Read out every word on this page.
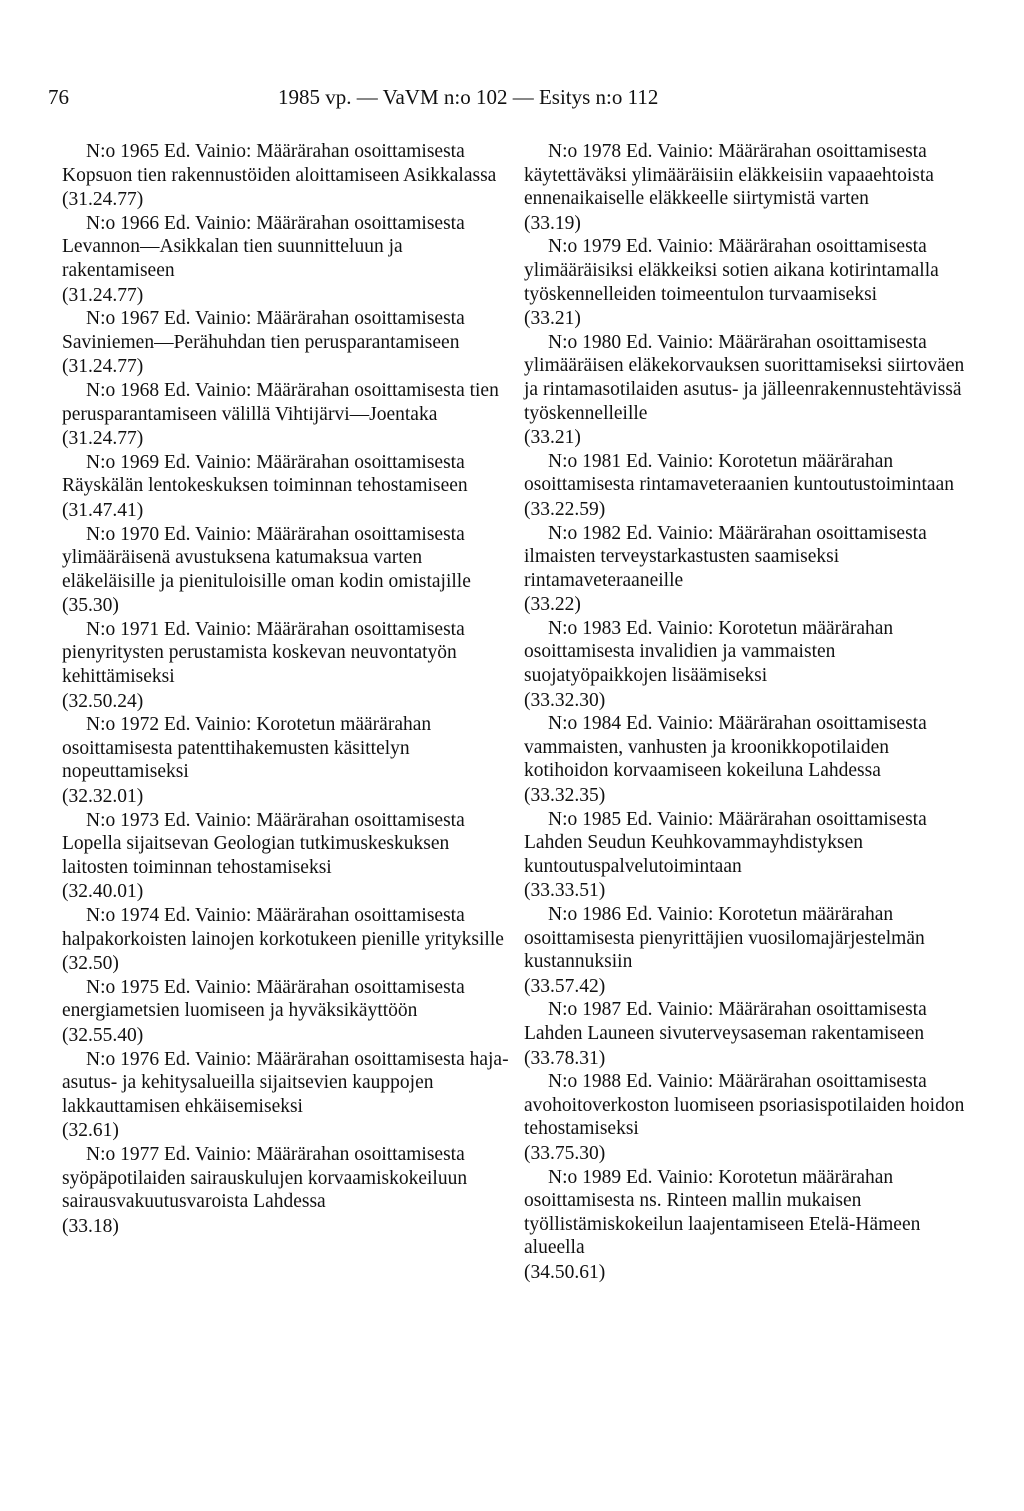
76	1985 vp. — VaVM n:o 102 — Esitys n:o 112
N:o 1965 Ed. Vainio: Määrärahan osoittamisesta Kopsuon tien rakennustöiden aloittamiseen Asikkalassa
(31.24.77)
N:o 1966 Ed. Vainio: Määrärahan osoittamisesta Levannon—Asikkalan tien suunnitteluun ja rakentamiseen
(31.24.77)
N:o 1967 Ed. Vainio: Määrärahan osoittamisesta Saviniemen—Perähuhdan tien perusparantamiseen
(31.24.77)
N:o 1968 Ed. Vainio: Määrärahan osoittamisesta tien perusparantamiseen välillä Vihtijärvi—Joentaka
(31.24.77)
N:o 1969 Ed. Vainio: Määrärahan osoittamisesta Räyskälän lentokeskuksen toiminnan tehostamiseen
(31.47.41)
N:o 1970 Ed. Vainio: Määrärahan osoittamisesta ylimääräisenä avustuksena katumaksua varten eläkeläisille ja pienituloisille oman kodin omistajille
(35.30)
N:o 1971 Ed. Vainio: Määrärahan osoittamisesta pienyritysten perustamista koskevan neuvontatyön kehittämiseksi
(32.50.24)
N:o 1972 Ed. Vainio: Korotetun määrärahan osoittamisesta patenttihakemusten käsittelyn nopeuttamiseksi
(32.32.01)
N:o 1973 Ed. Vainio: Määrärahan osoittamisesta Lopella sijaitsevan Geologian tutkimuskeskuksen laitosten toiminnan tehostamiseksi
(32.40.01)
N:o 1974 Ed. Vainio: Määrärahan osoittamisesta halpakorkoisten lainojen korkotukeen pienille yrityksille
(32.50)
N:o 1975 Ed. Vainio: Määrärahan osoittamisesta energiametsien luomiseen ja hyväksikäyttöön
(32.55.40)
N:o 1976 Ed. Vainio: Määrärahan osoittamisesta haja-asutus- ja kehitysalueilla sijaitsevien kauppojen lakkauttamisen ehkäisemiseksi
(32.61)
N:o 1977 Ed. Vainio: Määrärahan osoittamisesta syöpäpotilaiden sairauskulujen korvaamiskokeiluun sairausvakuutusvaroista Lahdessa
(33.18)
N:o 1978 Ed. Vainio: Määrärahan osoittamisesta käytettäväksi ylimääräisiin eläkkeisiin vapaaehtoista ennenaikaiselle eläkkeelle siirtymistä varten
(33.19)
N:o 1979 Ed. Vainio: Määrärahan osoittamisesta ylimääräisiksi eläkkeiksi sotien aikana kotirintamalla työskennelleiden toimeentulon turvaamiseksi
(33.21)
N:o 1980 Ed. Vainio: Määrärahan osoittamisesta ylimääräisen eläkekorvauksen suorittamiseksi siirtoväen ja rintamasotilaiden asutus- ja jälleenrakennustehtävissä työskennelleille
(33.21)
N:o 1981 Ed. Vainio: Korotetun määrärahan osoittamisesta rintamaveteraanien kuntoutustoimintaan
(33.22.59)
N:o 1982 Ed. Vainio: Määrärahan osoittamisesta ilmaisten terveystarkastusten saamiseksi rintamaveteraaneille
(33.22)
N:o 1983 Ed. Vainio: Korotetun määrärahan osoittamisesta invalidien ja vammaisten suojatyöpaikkojen lisäämiseksi
(33.32.30)
N:o 1984 Ed. Vainio: Määrärahan osoittamisesta vammaisten, vanhusten ja kroonikkopotilaiden kotihoidon korvaamiseen kokeiluna Lahdessa
(33.32.35)
N:o 1985 Ed. Vainio: Määrärahan osoittamisesta Lahden Seudun Keuhkovammayhdistyksen kuntoutuspalvelutoimintaan
(33.33.51)
N:o 1986 Ed. Vainio: Korotetun määrärahan osoittamisesta pienyrittäjien vuosilomajärjestelmän kustannuksiin
(33.57.42)
N:o 1987 Ed. Vainio: Määrärahan osoittamisesta Lahden Launeen sivuterveysaseman rakentamiseen
(33.78.31)
N:o 1988 Ed. Vainio: Määrärahan osoittamisesta avohoitoverkoston luomiseen psoriasispotilaiden hoidon tehostamiseksi
(33.75.30)
N:o 1989 Ed. Vainio: Korotetun määrärahan osoittamisesta ns. Rinteen mallin mukaisen työllistämiskokeilun laajentamiseen Etelä-Hämeen alueella
(34.50.61)
